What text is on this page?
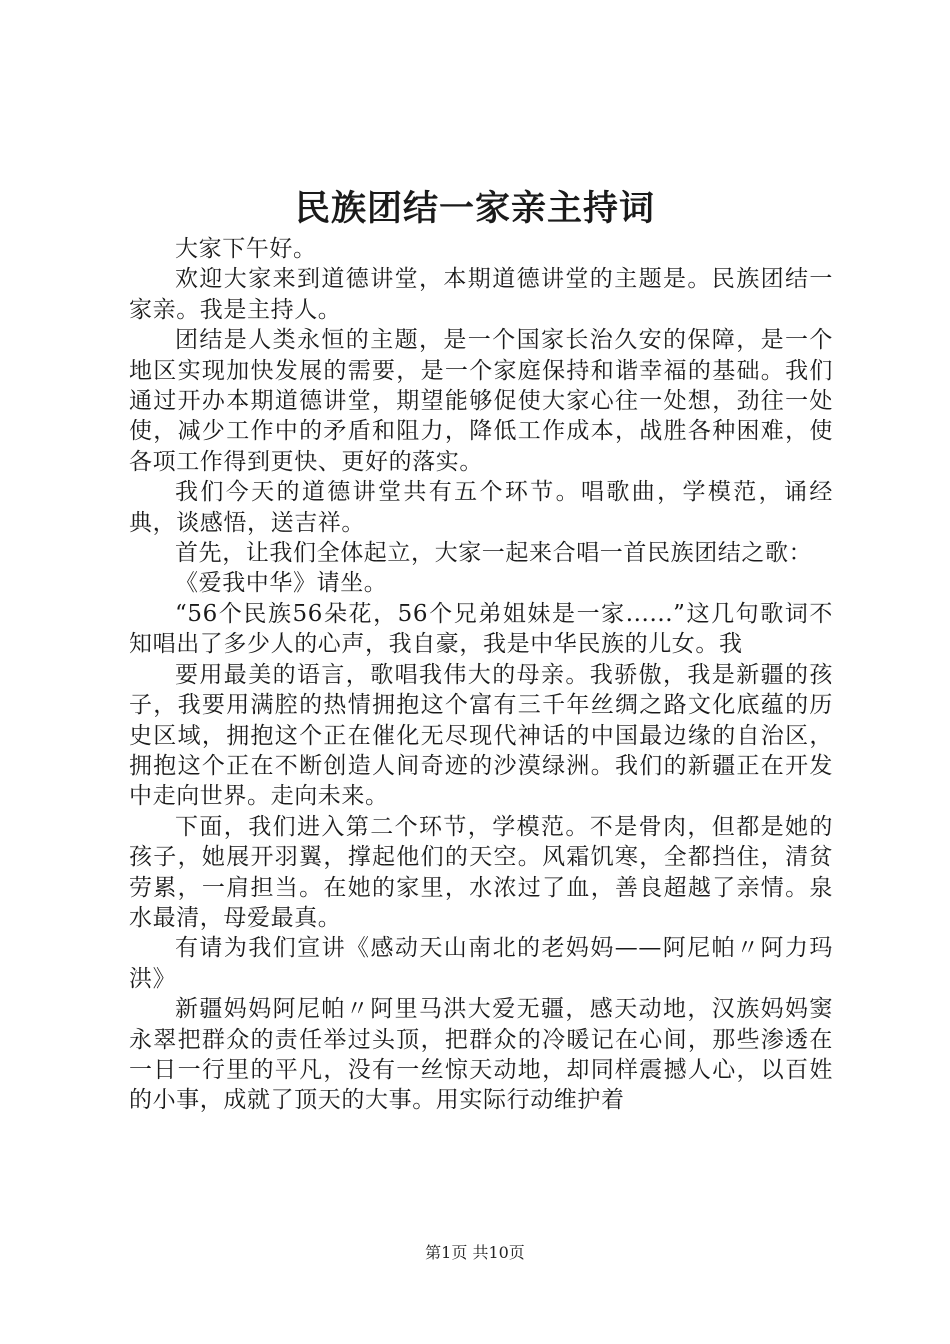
民族团结一家亲主持词

大家下午好。

欢迎大家来到道德讲堂，本期道德讲堂的主题是。民族团结一家亲。我是主持人。

团结是人类永恒的主题，是一个国家长治久安的保障，是一个地区实现加快发展的需要，是一个家庭保持和谐幸福的基础。我们通过开办本期道德讲堂，期望能够促使大家心往一处想，劲往一处使，减少工作中的矛盾和阻力，降低工作成本，战胜各种困难，使各项工作得到更快、更好的落实。

我们今天的道德讲堂共有五个环节。唱歌曲，学模范，诵经典，谈感悟，送吉祥。

首先，让我们全体起立，大家一起来合唱一首民族团结之歌：

《爱我中华》请坐。

“56个民族56朵花，56个兄弟姐妹是一家......”这几句歌词不知唱出了多少人的心声，我自豪，我是中华民族的儿女。我

要用最美的语言，歌唱我伟大的母亲。我骄傲，我是新疆的孩子，我要用满腔的热情拥抱这个富有三千年丝绸之路文化底蕴的历史区域，拥抱这个正在催化无尽现代神话的中国最边缘的自治区，拥抱这个正在不断创造人间奇迹的沙漠绿洲。我们的新疆正在开发中走向世界。走向未来。

下面，我们进入第二个环节，学模范。不是骨肉，但都是她的孩子，她展开羽翼，撑起他们的天空。风霜饥寒，全都挡住，清贫劳累，一肩担当。在她的家里，水浓过了血，善良超越了亲情。泉水最清，母爱最真。

有请为我们宣讲《感动天山南北的老妈妈——阿尼帕〃阿力玛洪》

新疆妈妈阿尼帕〃阿里马洪大爱无疆，感天动地，汉族妈妈窦永翠把群众的责任举过头顶，把群众的冷暖记在心间，那些渗透在一日一行里的平凡，没有一丝惊天动地，却同样震撼人心，以百姓的小事，成就了顶天的大事。用实际行动维护着

第1页 共10页
